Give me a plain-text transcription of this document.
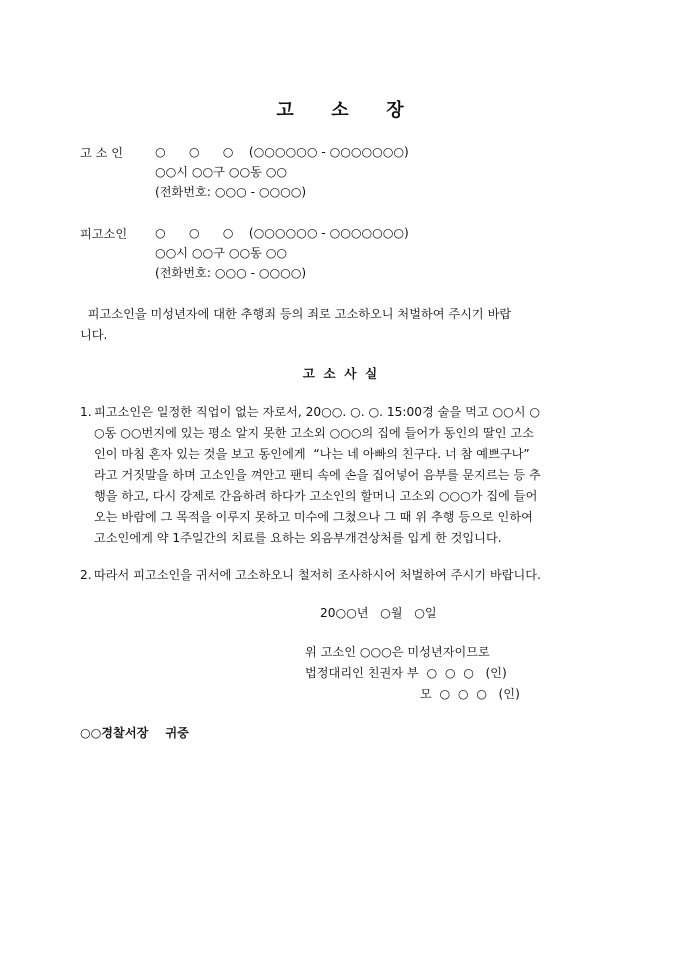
고      소      장
고 소 인	○      ○      ○    (○○○○○○ - ○○○○○○○)
○○시 ○○구 ○○동 ○○
(전화번호: ○○○ - ○○○○)
피고소인 ○      ○      ○    (○○○○○○ - ○○○○○○○)
○○시 ○○구 ○○동 ○○
(전화번호: ○○○ - ○○○○)
피고소인을 미성년자에 대한 추행죄 등의 죄로 고소하오니 처벌하여 주시기 바랍
니다.
고  소  사  실
1. 피고소인은 일정한 직업이 없는 자로서, 20○○. ○. ○. 15:00경 술을 먹고 ○○시 ○
○동 ○○번지에 있는 평소 알지 못한 고소외 ○○○의 집에 들어가 동인의 딸인 고소
인이 마침 혼자 있는 것을 보고 동인에게  “나는 네 아빠의 친구다. 너 참 예쁘구나”
라고 거짓말을 하며 고소인을 껴안고 팬티 속에 손을 집어넣어 음부를 문지르는 등 추
행을 하고, 다시 강제로 간음하려 하다가 고소인의 할머니 고소외 ○○○가 집에 들어
오는 바람에 그 목적을 이루지 못하고 미수에 그쳤으나 그 때 위 추행 등으로 인하여
고소인에게 약 1주일간의 치료를 요하는 외음부개견상처를 입게 한 것입니다.
2. 따라서 피고소인을 귀서에 고소하오니 철저히 조사하시어 처벌하여 주시기 바랍니다.
20○○년   ○월   ○일
위 고소인 ○○○은 미성년자이므로
법정대리인 친권자 부  ○  ○  ○   (인)
모  ○  ○  ○   (인)
○○경찰서장    귀중
